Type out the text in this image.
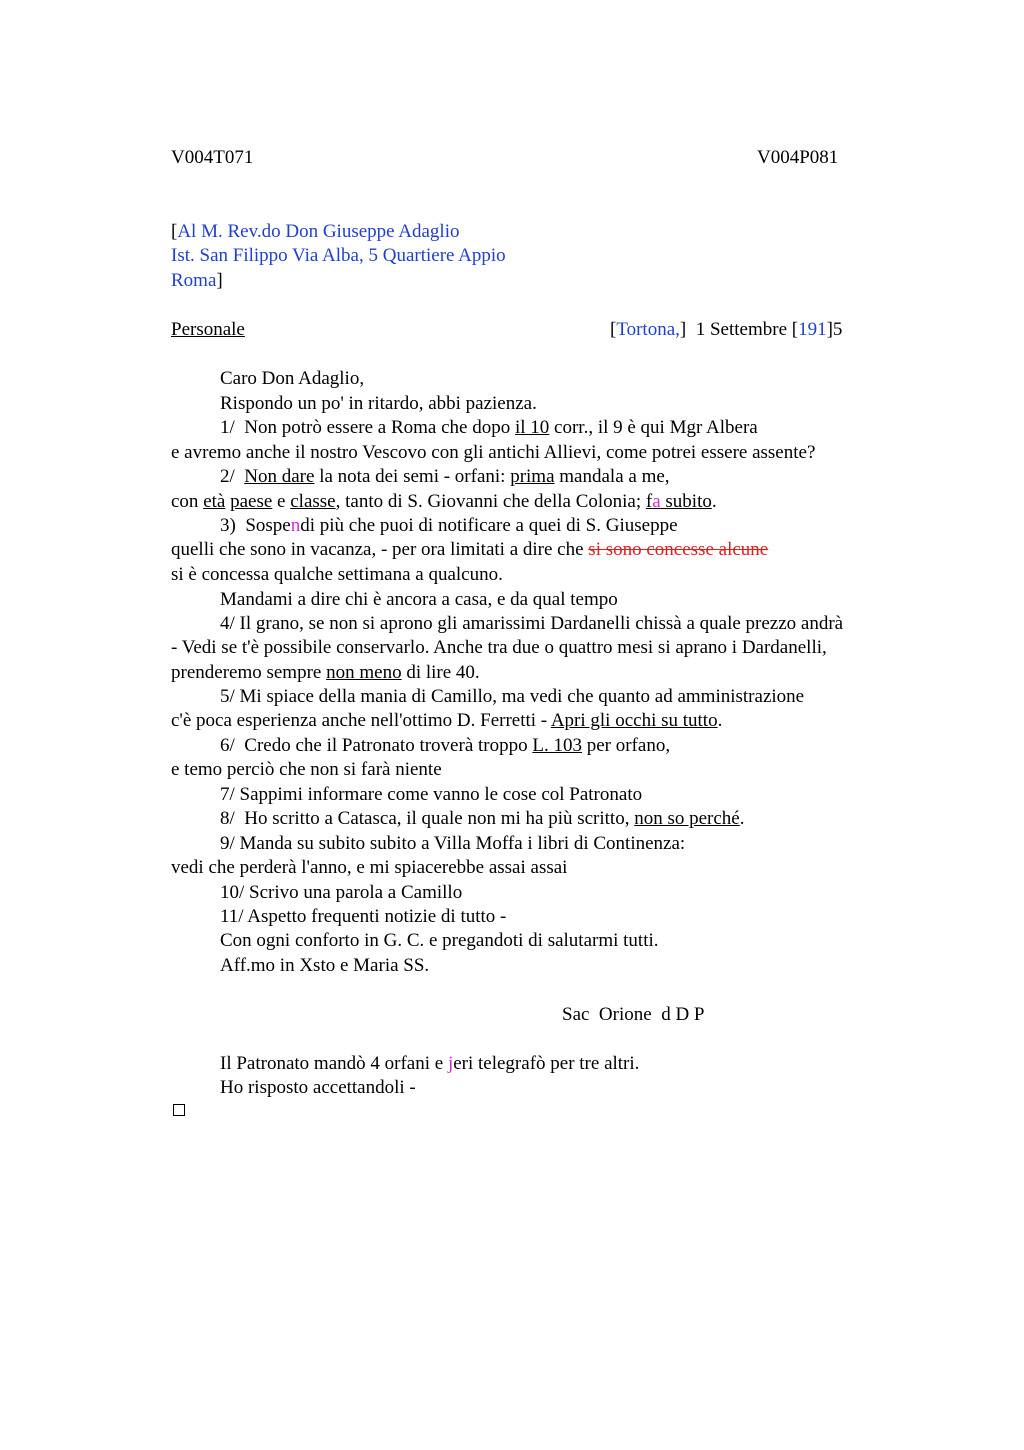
V004T071	V004P081
[Al M. Rev.do Don Giuseppe Adaglio
Ist. San Filippo Via Alba, 5 Quartiere Appio
Roma]
Personale	[Tortona,]  1 Settembre [191]5
Caro Don Adaglio,
Rispondo un po' in ritardo, abbi pazienza.
1/  Non potrò essere a Roma che dopo il 10 corr., il 9 è qui Mgr Albera
e avremo anche il nostro Vescovo con gli antichi Allievi, come potrei essere assente?
2/  Non dare la nota dei semi - orfani: prima mandala a me,
con età paese e classe, tanto di S. Giovanni che della Colonia; fa subito.
3)  Sospendi più che puoi di notificare a quei di S. Giuseppe
quelli che sono in vacanza, - per ora limitati a dire che si sono concesse alcune
si è concessa qualche settimana a qualcuno.
Mandami a dire chi è ancora a casa, e da qual tempo
4/ Il grano, se non si aprono gli amarissimi Dardanelli chissà a quale prezzo andrà
- Vedi se t'è possibile conservarlo. Anche tra due o quattro mesi si aprano i Dardanelli,
prenderemo sempre non meno di lire 40.
5/ Mi spiace della mania di Camillo, ma vedi che quanto ad amministrazione
c'è poca esperienza anche nell'ottimo D. Ferretti - Apri gli occhi su tutto.
6/  Credo che il Patronato troverà troppo L. 103 per orfano,
e temo perciò che non si farà niente
7/ Sappimi informare come vanno le cose col Patronato
8/  Ho scritto a Catasca, il quale non mi ha più scritto, non so perché.
9/ Manda su subito subito a Villa Moffa i libri di Continenza:
vedi che perderà l'anno, e mi spiacerebbe assai assai
10/ Scrivo una parola a Camillo
11/ Aspetto frequenti notizie di tutto -
Con ogni conforto in G. C. e pregandoti di salutarmi tutti.
Aff.mo in Xsto e Maria SS.
Sac  Orione  d D P
Il Patronato mandò 4 orfani e jeri telegrafò per tre altri.
Ho risposto accettandoli -
